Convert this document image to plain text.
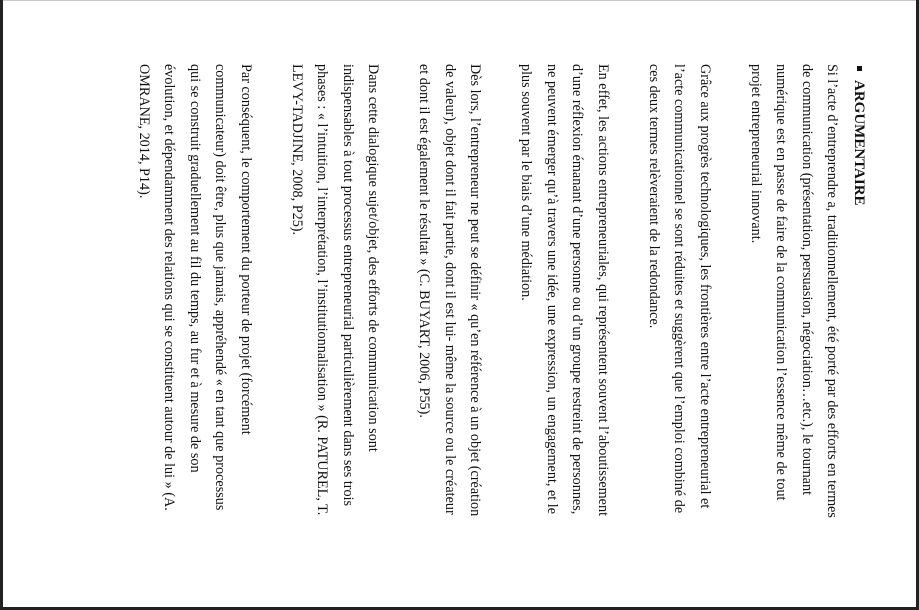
ARGUMENTAIRE

Si l’acte d’entreprendre a, traditionnellement, été porté par des efforts en termes
de communication (présentation, persuasion, négociation…etc.), le tournant
numérique est en passe de faire de la communication l’essence même de tout
projet entrepreneurial innovant.

Grâce aux progrès technologiques, les frontières entre l’acte entrepreneurial et
l’acte communicationnel se sont réduites et suggèrent que l’emploi combiné de
ces deux termes relèveraient de la redondance.

En effet, les actions entrepreneuriales, qui représentent souvent l’aboutissement
d’une réflexion émanant d’une personne ou d’un groupe restreint de personnes,
ne peuvent émerger qu’à travers une idée, une expression, un engagement, et le
plus souvent par le biais d’une médiation.

Dès lors, l’entrepreneur ne peut se définir « qu’en référence à un objet (création
de valeur), objet dont il fait partie, dont il est lui- même la source ou le créateur
et dont il est également le résultat » (C. BUYART, 2006, P55).

Dans cette dialogique sujet/objet, des efforts de communication sont
indispensables à tout processus entrepreneurial particulièrement dans ses trois
phases : « l’intuition, l’interprétation, l’institutionnalisation » (R. PATUREL, T.
LEVY-TADJINE, 2008, P25).

Par conséquent, le comportement du porteur de projet (forcément
communicateur) doit être, plus que jamais, appréhendé « en tant que processus
qui se construit graduellement au fil du temps, au fur et à mesure de son
évolution, et dépendamment des relations qui se constituent autour de lui » (A.
OMRANE, 2014, P14).
